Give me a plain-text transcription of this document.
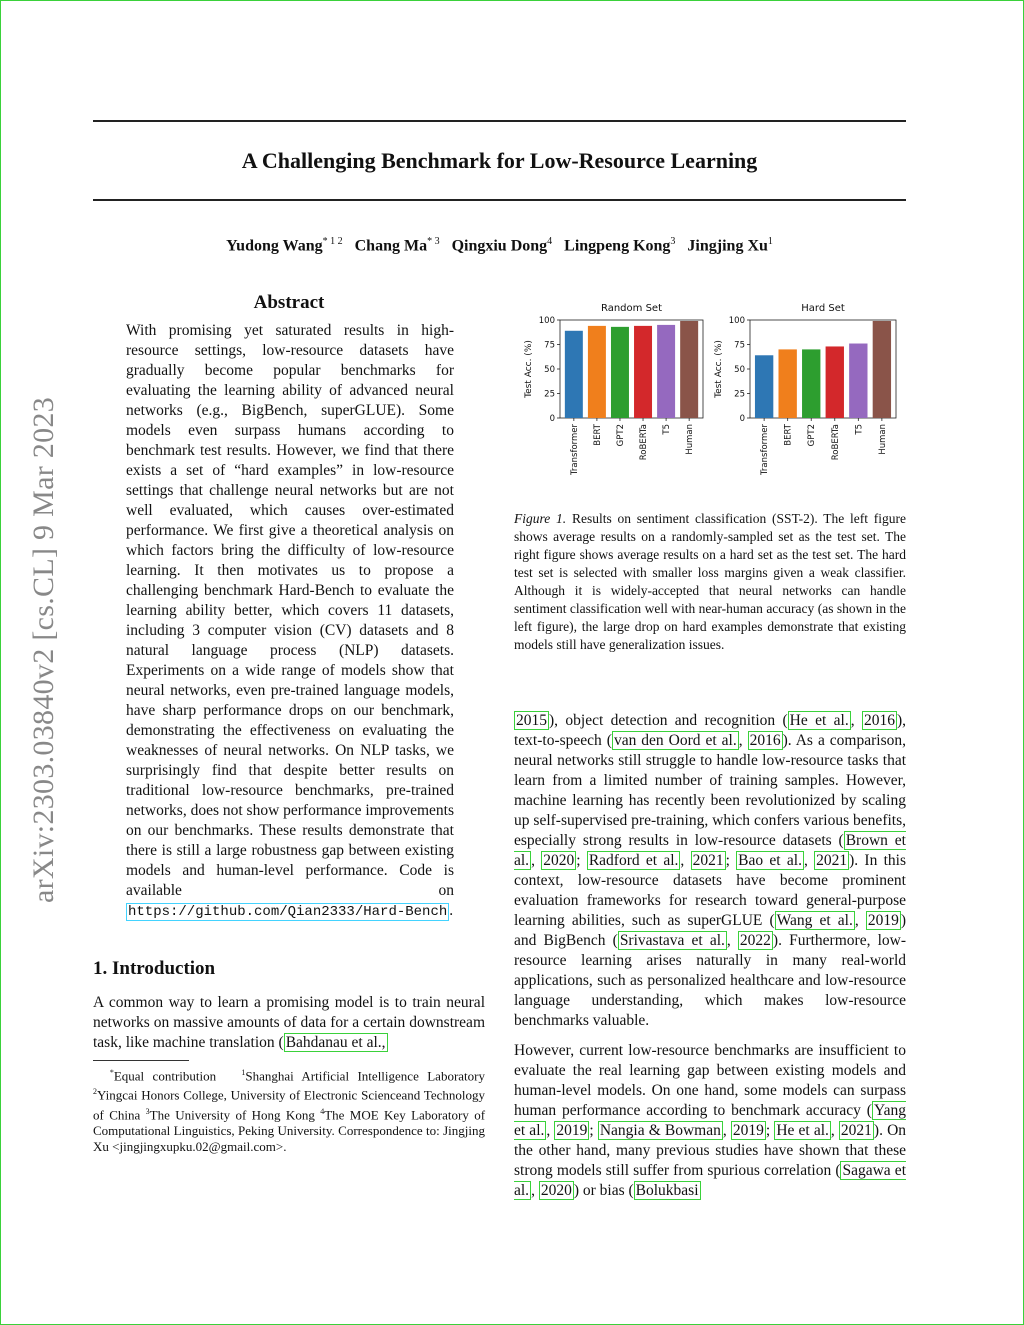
arXiv:2303.03840v2 [cs.CL] 9 Mar 2023
A Challenging Benchmark for Low-Resource Learning
Yudong Wang$^{* 1 2}$ Chang Ma$^{* 3}$ Qingxiu Dong$^4$ Lingpeng Kong$^3$ Jingjing Xu$^1$
Abstract
With promising yet saturated results in high-resource settings, low-resource datasets have gradually become popular benchmarks for evaluating the learning ability of advanced neural networks (e.g., BigBench, superGLUE). Some models even surpass humans according to benchmark test results. However, we find that there exists a set of “hard examples” in low-resource settings that challenge neural networks but are not well evaluated, which causes over-estimated performance. We first give a theoretical analysis on which factors bring the difficulty of low-resource learning. It then motivates us to propose a challenging benchmark Hard-Bench to evaluate the learning ability better, which covers 11 datasets, including 3 computer vision (CV) datasets and 8 natural language process (NLP) datasets. Experiments on a wide range of models show that neural networks, even pre-trained language models, have sharp performance drops on our benchmark, demonstrating the effectiveness on evaluating the weaknesses of neural networks. On NLP tasks, we surprisingly find that despite better results on traditional low-resource benchmarks, pre-trained networks, does not show performance improvements on our benchmarks. These results demonstrate that there is still a large robustness gap between existing models and human-level performance. Code is available on https://github.com/Qian2333/Hard-Bench .
1. Introduction
A common way to learn a promising model is to train neural networks on massive amounts of data for a certain downstream task, like machine translation ( Bahdanau et al.,
*Equal contribution	$^1$Shanghai Artificial Intelligence Laboratory $^2$Yingcai Honors College, University of Electronic Scienceand Technology of China $^3$The University of Hong Kong $^4$The MOE Key Laboratory of Computational Linguistics, Peking University. Correspondence to: Jingjing Xu <jingjingxupku.02@gmail.com>.
Random Set
Test Acc. (%)
0
25
50
75
100
Transformer BERT GPT2 RoBERTa T5 Human
Hard Set
Test Acc. (%)
0
25
50
75
100
Transformer BERT GPT2 RoBERTa T5 Human
Figure 1. Results on sentiment classification (SST-2). The left figure shows average results on a randomly-sampled set as the test set. The right figure shows average results on a hard set as the test set. The hard test set is selected with smaller loss margins given a weak classifier. Although it is widely-accepted that neural networks can handle sentiment classification well with near-human accuracy (as shown in the left figure), the large drop on hard examples demonstrate that existing models still have generalization issues.
2015 ), object detection and recognition ( He et al. , 2016 ), text-to-speech ( van den Oord et al. , 2016 ). As a comparison, neural networks still struggle to handle low-resource tasks that learn from a limited number of training samples. However, machine learning has recently been revolutionized by scaling up self-supervised pre-training, which confers various benefits, especially strong results in low-resource datasets ( Brown et al. , 2020 ; Radford et al. , 2021 ; Bao et al. , 2021 ). In this context, low-resource datasets have become prominent evaluation frameworks for research toward general-purpose learning abilities, such as superGLUE ( Wang et al. , 2019 ) and BigBench ( Srivastava et al. , 2022 ). Furthermore, low-resource learning arises naturally in many real-world applications, such as personalized healthcare and low-resource language understanding, which makes low-resource benchmarks valuable.
However, current low-resource benchmarks are insufficient to evaluate the real learning gap between existing models and human-level models. On one hand, some models can surpass human performance according to benchmark accuracy ( Yang et al. , 2019 ; Nangia & Bowman , 2019 ; He et al. , 2021 ). On the other hand, many previous studies have shown that these strong models still suffer from spurious correlation ( Sagawa et al. , 2020 ) or bias ( Bolukbasi
